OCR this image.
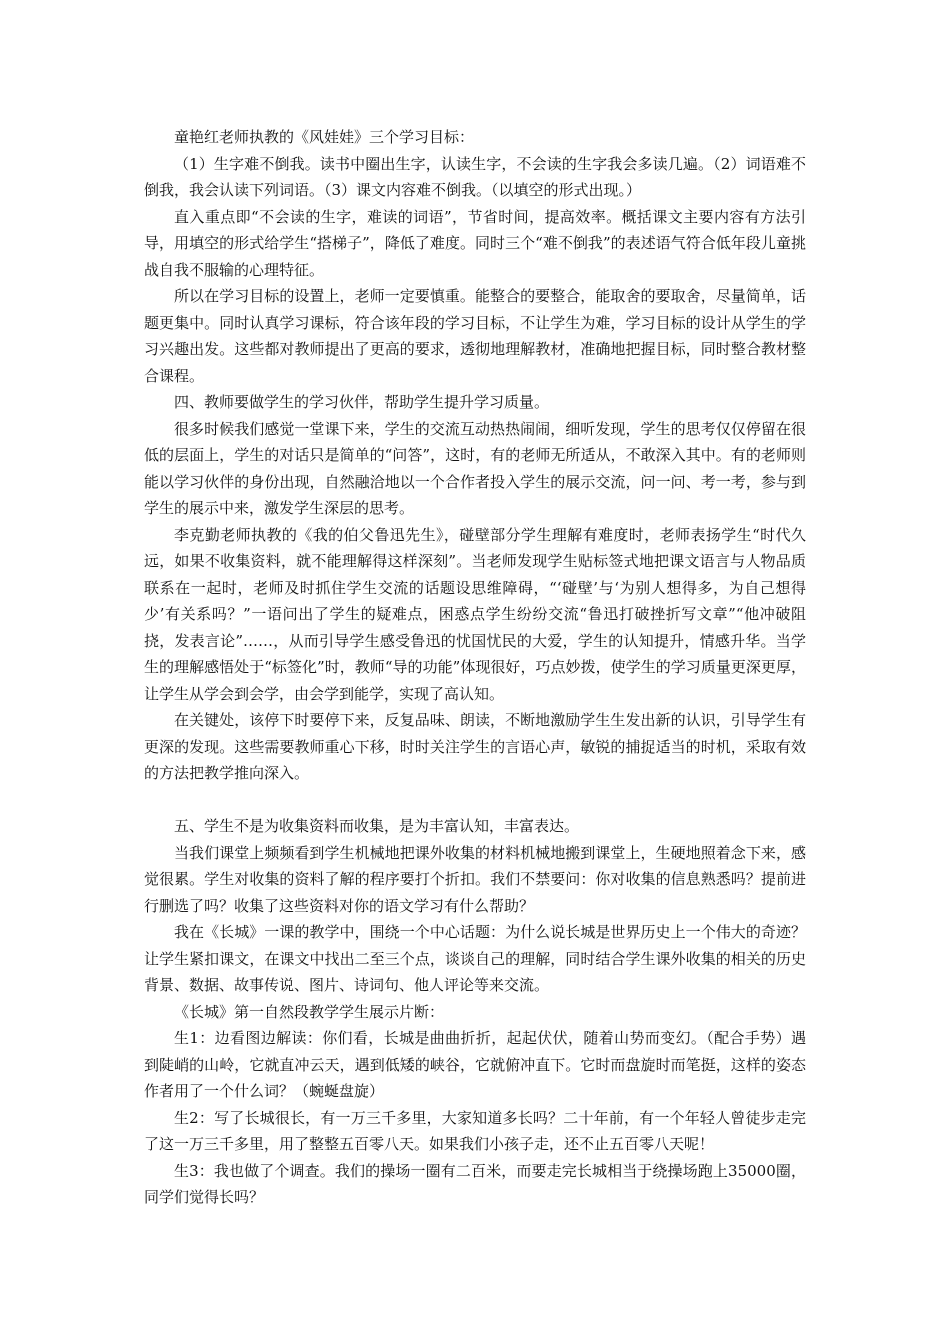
童艳红老师执教的《风娃娃》三个学习目标：

（1）生字难不倒我。读书中圈出生字，认读生字，不会读的生字我会多读几遍。（2）词语难不倒我，我会认读下列词语。（3）课文内容难不倒我。（以填空的形式出现。）

直入重点即“不会读的生字，难读的词语”，节省时间，提高效率。概括课文主要内容有方法引导，用填空的形式给学生“搭梯子”，降低了难度。同时三个“难不倒我”的表述语气符合低年段儿童挑战自我不服输的心理特征。

所以在学习目标的设置上，老师一定要慎重。能整合的要整合，能取舍的要取舍，尽量简单，话题更集中。同时认真学习课标，符合该年段的学习目标，不让学生为难，学习目标的设计从学生的学习兴趣出发。这些都对教师提出了更高的要求，透彻地理解教材，准确地把握目标，同时整合教材整合课程。

四、教师要做学生的学习伙伴，帮助学生提升学习质量。

很多时候我们感觉一堂课下来，学生的交流互动热热闹闹，细听发现，学生的思考仅仅停留在很低的层面上，学生的对话只是简单的“问答”，这时，有的老师无所适从，不敢深入其中。有的老师则能以学习伙伴的身份出现，自然融洽地以一个合作者投入学生的展示交流，问一问、考一考，参与到学生的展示中来，激发学生深层的思考。

李克勤老师执教的《我的伯父鲁迅先生》，碰壁部分学生理解有难度时，老师表扬学生“时代久远，如果不收集资料，就不能理解得这样深刻”。当老师发现学生贴标签式地把课文语言与人物品质联系在一起时，老师及时抓住学生交流的话题设思维障碍，“‘碰壁’与‘为别人想得多，为自己想得少’有关系吗？”一语问出了学生的疑难点，困惑点学生纷纷交流“鲁迅打破挫折写文章”“他冲破阻挠，发表言论”……，从而引导学生感受鲁迅的忧国忧民的大爱，学生的认知提升，情感升华。当学生的理解感悟处于“标签化”时，教师“导的功能”体现很好，巧点妙拨，使学生的学习质量更深更厚，让学生从学会到会学，由会学到能学，实现了高认知。

在关键处，该停下时要停下来，反复品味、朗读，不断地激励学生生发出新的认识，引导学生有更深的发现。这些需要教师重心下移，时时关注学生的言语心声，敏锐的捕捉适当的时机，采取有效的方法把教学推向深入。

五、学生不是为收集资料而收集，是为丰富认知，丰富表达。

当我们课堂上频频看到学生机械地把课外收集的材料机械地搬到课堂上，生硬地照着念下来，感觉很累。学生对收集的资料了解的程序要打个折扣。我们不禁要问：你对收集的信息熟悉吗？提前进行删选了吗？收集了这些资料对你的语文学习有什么帮助？

我在《长城》一课的教学中，围绕一个中心话题：为什么说长城是世界历史上一个伟大的奇迹？让学生紧扣课文，在课文中找出二至三个点，谈谈自己的理解，同时结合学生课外收集的相关的历史背景、数据、故事传说、图片、诗词句、他人评论等来交流。

《长城》第一自然段教学学生展示片断：

生1：边看图边解读：你们看，长城是曲曲折折，起起伏伏，随着山势而变幻。（配合手势）遇到陡峭的山岭，它就直冲云天，遇到低矮的峡谷，它就俯冲直下。它时而盘旋时而笔挺，这样的姿态作者用了一个什么词？（蜿蜒盘旋）

生2：写了长城很长，有一万三千多里，大家知道多长吗？二十年前，有一个年轻人曾徒步走完了这一万三千多里，用了整整五百零八天。如果我们小孩子走，还不止五百零八天呢！

生3：我也做了个调查。我们的操场一圈有二百米，而要走完长城相当于绕操场跑上35000圈，同学们觉得长吗？
